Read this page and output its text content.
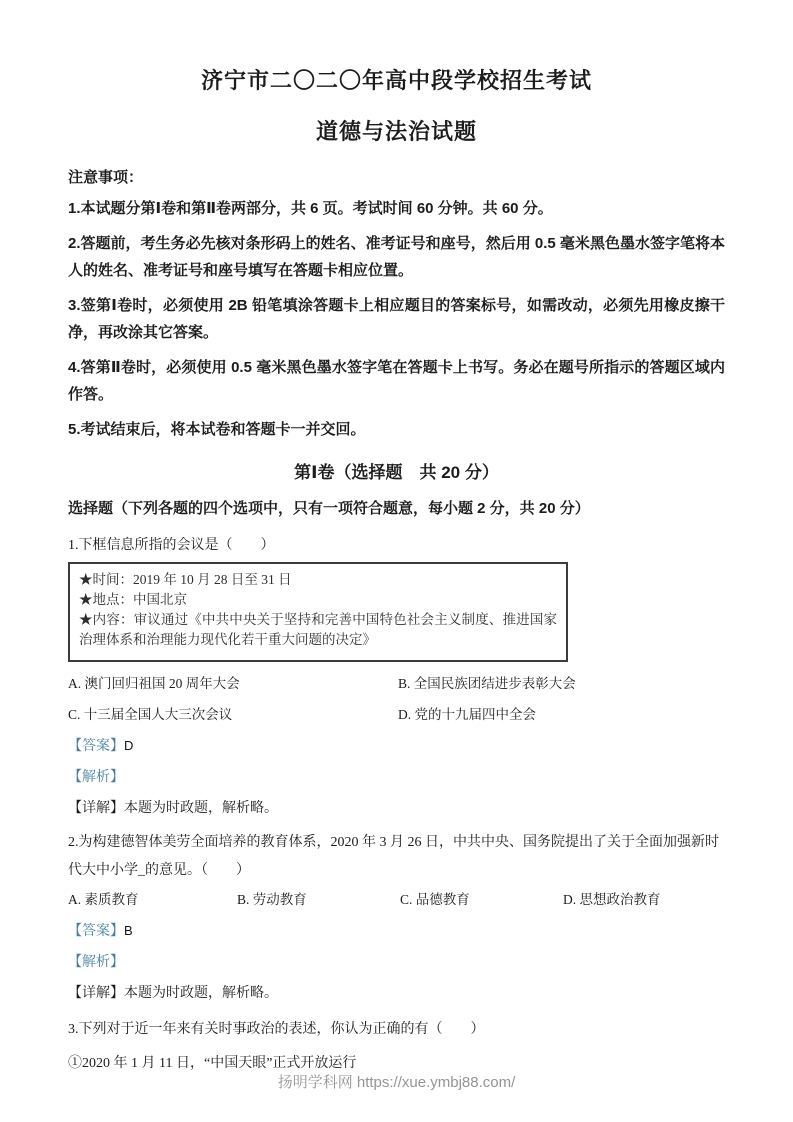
济宁市二〇二〇年高中段学校招生考试
道德与法治试题
注意事项：
1.本试题分第Ⅰ卷和第Ⅱ卷两部分，共 6 页。考试时间 60 分钟。共 60 分。
2.答题前，考生务必先核对条形码上的姓名、准考证号和座号，然后用 0.5 毫米黑色墨水签字笔将本人的姓名、准考证号和座号填写在答题卡相应位置。
3.签第Ⅰ卷时，必须使用 2B 铅笔填涂答题卡上相应题目的答案标号，如需改动，必须先用橡皮擦干净，再改涂其它答案。
4.答第Ⅱ卷时，必须使用 0.5 毫米黑色墨水签字笔在答题卡上书写。务必在题号所指示的答题区域内作答。
5.考试结束后，将本试卷和答题卡一并交回。
第Ⅰ卷（选择题　共 20 分）
选择题（下列各题的四个选项中，只有一项符合题意，每小题 2 分，共 20 分）
1.下框信息所指的会议是（　　）
★时间：2019 年 10 月 28 日至 31 日
★地点：中国北京
★内容：审议通过《中共中央关于坚持和完善中国特色社会主义制度、推进国家治理体系和治理能力现代化若干重大问题的决定》
A. 澳门回归祖国 20 周年大会	B. 全国民族团结进步表彰大会
C. 十三届全国人大三次会议	D. 党的十九届四中全会
【答案】D
【解析】
【详解】本题为时政题，解析略。
2.为构建德智体美劳全面培养的教育体系，2020 年 3 月 26 日，中共中央、国务院提出了关于全面加强新时代大中小学_的意见。（　　）
A. 素质教育	B. 劳动教育	C. 品德教育	D. 思想政治教育
【答案】B
【解析】
【详解】本题为时政题，解析略。
3.下列对于近一年来有关时事政治的表述，你认为正确的有（　　）
①2020 年 1 月 11 日，“中国天眼”正式开放运行
扬明学科网 https://xue.ymbj88.com/
